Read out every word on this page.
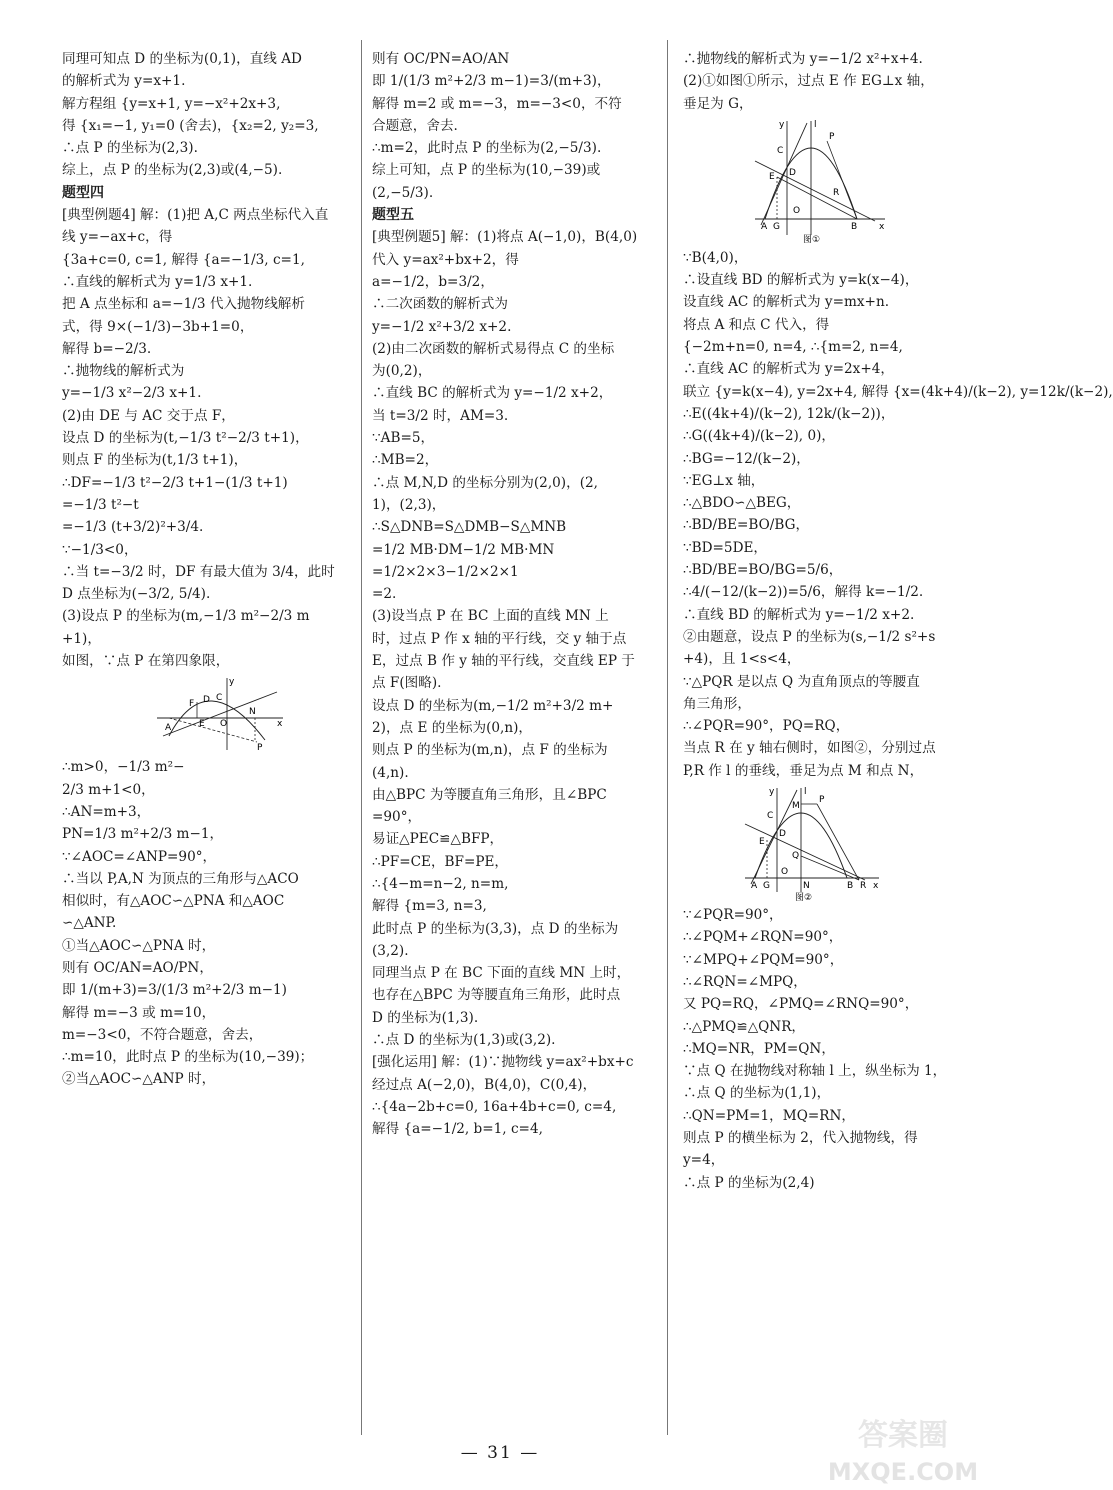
同理可知点 D 的坐标为(0,1)，直线 AD
的解析式为 y=x+1.
解方程组 {y=x+1, y=−x²+2x+3,
得 {x₁=−1, y₁=0 (舍去)，{x₂=2, y₂=3,
∴点 P 的坐标为(2,3).
综上，点 P 的坐标为(2,3)或(4,−5).
题型四
[典型例题4] 解：(1)把 A,C 两点坐标代入直
线 y=−ax+c，得
{3a+c=0, c=1, 解得 {a=−1/3, c=1,
∴直线的解析式为 y=1/3 x+1.
把 A 点坐标和 a=−1/3 代入抛物线解析
式，得 9×(−1/3)−3b+1=0，
解得 b=−2/3.
∴抛物线的解析式为
y=−1/3 x²−2/3 x+1.
(2)由 DE 与 AC 交于点 F，
设点 D 的坐标为(t,−1/3 t²−2/3 t+1)，
则点 F 的坐标为(t,1/3 t+1)，
∴DF=−1/3 t²−2/3 t+1−(1/3 t+1)
=−1/3 t²−t
=−1/3 (t+3/2)²+3/4.
∵−1/3<0，
∴当 t=−3/2 时，DF 有最大值为 3/4，此时
D 点坐标为(−3/2, 5/4).
(3)设点 P 的坐标为(m,−1/3 m²−2/3 m
+1)，
如图，∵点 P 在第四象限，
y
x
A
F D
E
C
O
N
P
∴m>0，−1/3 m²−
2/3 m+1<0，
∴AN=m+3，
PN=1/3 m²+2/3 m−1，
∵∠AOC=∠ANP=90°，
∴当以 P,A,N 为顶点的三角形与△ACO
相似时，有△AOC∽△PNA 和△AOC
∽△ANP.
①当△AOC∽△PNA 时，
则有 OC/AN=AO/PN，
即 1/(m+3)=3/(1/3 m²+2/3 m−1)
解得 m=−3 或 m=10，
m=−3<0，不符合题意，舍去，
∴m=10，此时点 P 的坐标为(10,−39)；
②当△AOC∽△ANP 时，
则有 OC/PN=AO/AN
即 1/(1/3 m²+2/3 m−1)=3/(m+3)，
解得 m=2 或 m=−3，m=−3<0，不符
合题意，舍去.
∴m=2，此时点 P 的坐标为(2,−5/3).
综上可知，点 P 的坐标为(10,−39)或
(2,−5/3).
题型五
[典型例题5] 解：(1)将点 A(−1,0)，B(4,0)
代入 y=ax²+bx+2，得
a=−1/2，b=3/2，
∴二次函数的解析式为
y=−1/2 x²+3/2 x+2.
(2)由二次函数的解析式易得点 C 的坐标
为(0,2)，
∴直线 BC 的解析式为 y=−1/2 x+2，
当 t=3/2 时，AM=3.
∵AB=5，
∴MB=2，
∴点 M,N,D 的坐标分别为(2,0)，(2,
1)，(2,3)，
∴S△DNB=S△DMB−S△MNB
=1/2 MB·DM−1/2 MB·MN
=1/2×2×3−1/2×2×1
=2.
(3)设当点 P 在 BC 上面的直线 MN 上
时，过点 P 作 x 轴的平行线，交 y 轴于点
E，过点 B 作 y 轴的平行线，交直线 EP 于
点 F(图略).
设点 D 的坐标为(m,−1/2 m²+3/2 m+
2)，点 E 的坐标为(0,n)，
则点 P 的坐标为(m,n)，点 F 的坐标为
(4,n).
由△BPC 为等腰直角三角形，且∠BPC
=90°，
易证△PEC≌△BFP，
∴PF=CE，BF=PE，
∴{4−m=n−2, n=m,
解得 {m=3, n=3,
此时点 P 的坐标为(3,3)，点 D 的坐标为
(3,2).
同理当点 P 在 BC 下面的直线 MN 上时，
也存在△BPC 为等腰直角三角形，此时点
D 的坐标为(1,3).
∴点 D 的坐标为(1,3)或(3,2).
[强化运用] 解：(1)∵抛物线 y=ax²+bx+c
经过点 A(−2,0)，B(4,0)，C(0,4)，
∴{4a−2b+c=0, 16a+4b+c=0, c=4,
解得 {a=−1/2, b=1, c=4,
∴抛物线的解析式为 y=−1/2 x²+x+4.
(2)①如图①所示，过点 E 作 EG⊥x 轴，
垂足为 G，
y	l
C
D
E
P
R
O
A G	B x
图①
∵B(4,0)，
∴设直线 BD 的解析式为 y=k(x−4)，
设直线 AC 的解析式为 y=mx+n.
将点 A 和点 C 代入，得
{−2m+n=0, n=4, ∴{m=2, n=4,
∴直线 AC 的解析式为 y=2x+4，
联立 {y=k(x−4), y=2x+4, 解得 {x=(4k+4)/(k−2), y=12k/(k−2),
∴E((4k+4)/(k−2), 12k/(k−2))，
∴G((4k+4)/(k−2), 0)，
∴BG=−12/(k−2)，
∵EG⊥x 轴，
∴△BDO∽△BEG，
∴BD/BE=BO/BG，
∵BD=5DE，
∴BD/BE=BO/BG=5/6，
∴4/(−12/(k−2))=5/6，解得 k=−1/2.
∴直线 BD 的解析式为 y=−1/2 x+2.
②由题意，设点 P 的坐标为(s,−1/2 s²+s
+4)，且 1<s<4，
∵△PQR 是以点 Q 为直角顶点的等腰直
角三角形，
∴∠PQR=90°，PQ=RQ，
当点 R 在 y 轴右侧时，如图②，分别过点
P,R 作 l 的垂线，垂足为点 M 和点 N，
y	l
C
D
M
P
E
Q
O
A G	N	B R x
图②
∵∠PQR=90°，
∴∠PQM+∠RQN=90°，
∵∠MPQ+∠PQM=90°，
∴∠RQN=∠MPQ，
又 PQ=RQ，∠PMQ=∠RNQ=90°，
∴△PMQ≌△QNR，
∴MQ=NR，PM=QN，
∵点 Q 在抛物线对称轴 l 上，纵坐标为 1，
∴点 Q 的坐标为(1,1)，
∴QN=PM=1，MQ=RN，
则点 P 的横坐标为 2，代入抛物线，得
y=4，
∴点 P 的坐标为(2,4)
— 31 —	答案圈
MXQE.COM
